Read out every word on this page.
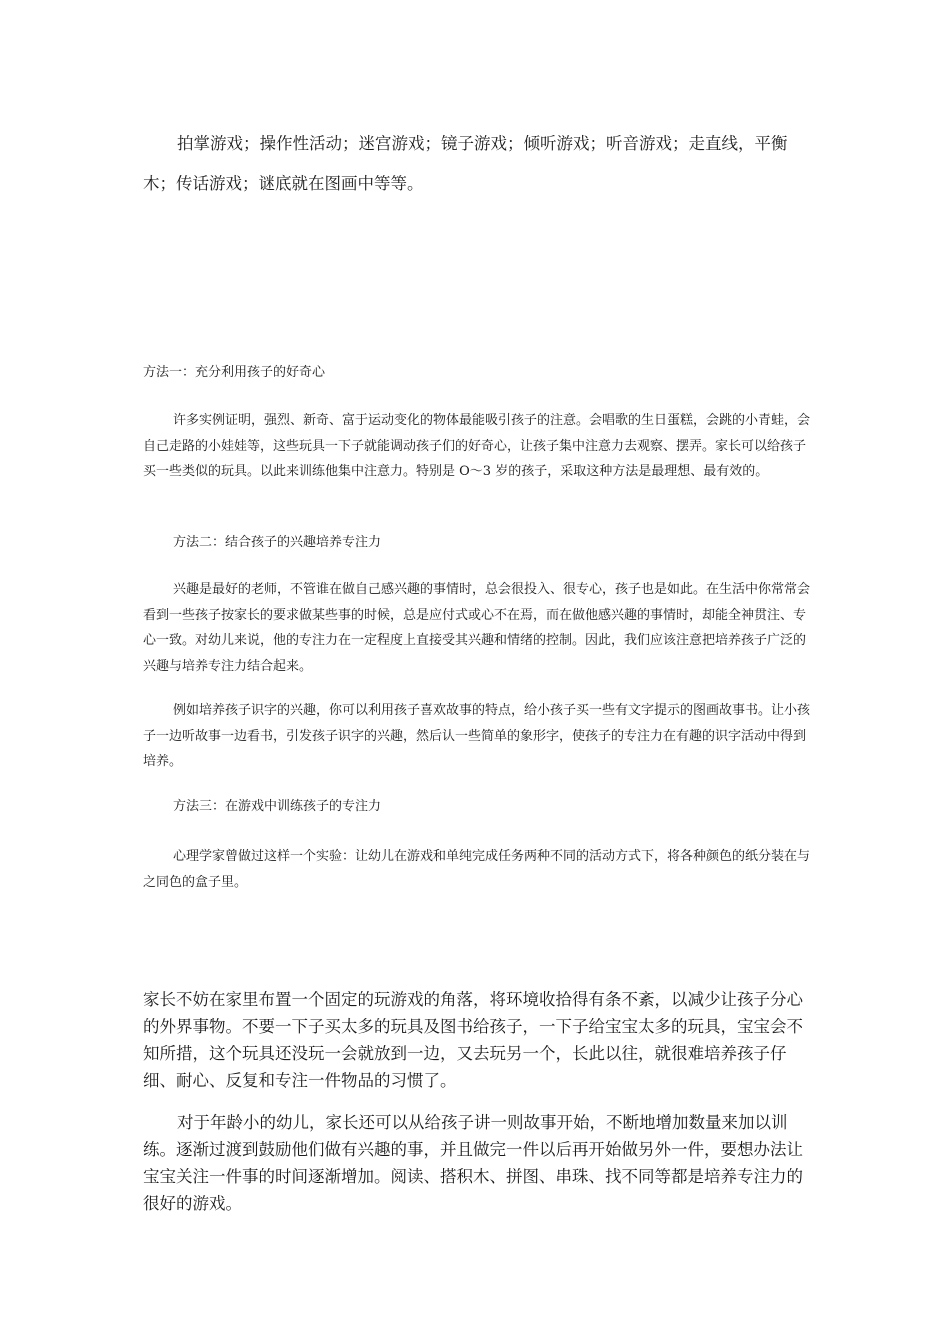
拍掌游戏；操作性活动；迷宫游戏；镜子游戏；倾听游戏；听音游戏；走直线，平衡木；传话游戏；谜底就在图画中等等。

方法一：充分利用孩子的好奇心

许多实例证明，强烈、新奇、富于运动变化的物体最能吸引孩子的注意。会唱歌的生日蛋糕，会跳的小青蛙，会自己走路的小娃娃等，这些玩具一下子就能调动孩子们的好奇心，让孩子集中注意力去观察、摆弄。家长可以给孩子买一些类似的玩具。以此来训练他集中注意力。特别是 O～3 岁的孩子，采取这种方法是最理想、最有效的。

方法二：结合孩子的兴趣培养专注力

兴趣是最好的老师，不管谁在做自己感兴趣的事情时，总会很投入、很专心，孩子也是如此。在生活中你常常会看到一些孩子按家长的要求做某些事的时候，总是应付式或心不在焉，而在做他感兴趣的事情时，却能全神贯注、专心一致。对幼儿来说，他的专注力在一定程度上直接受其兴趣和情绪的控制。因此，我们应该注意把培养孩子广泛的兴趣与培养专注力结合起来。

例如培养孩子识字的兴趣，你可以利用孩子喜欢故事的特点，给小孩子买一些有文字提示的图画故事书。让小孩子一边听故事一边看书，引发孩子识字的兴趣，然后认一些简单的象形字，使孩子的专注力在有趣的识字活动中得到培养。

方法三：在游戏中训练孩子的专注力

心理学家曾做过这样一个实验：让幼儿在游戏和单纯完成任务两种不同的活动方式下，将各种颜色的纸分装在与之同色的盒子里。

家长不妨在家里布置一个固定的玩游戏的角落，将环境收拾得有条不紊，以减少让孩子分心的外界事物。不要一下子买太多的玩具及图书给孩子，一下子给宝宝太多的玩具，宝宝会不知所措，这个玩具还没玩一会就放到一边，又去玩另一个，长此以往，就很难培养孩子仔细、耐心、反复和专注一件物品的习惯了。

对于年龄小的幼儿，家长还可以从给孩子讲一则故事开始，不断地增加数量来加以训练。逐渐过渡到鼓励他们做有兴趣的事，并且做完一件以后再开始做另外一件，要想办法让宝宝关注一件事的时间逐渐增加。阅读、搭积木、拼图、串珠、找不同等都是培养专注力的很好的游戏。
